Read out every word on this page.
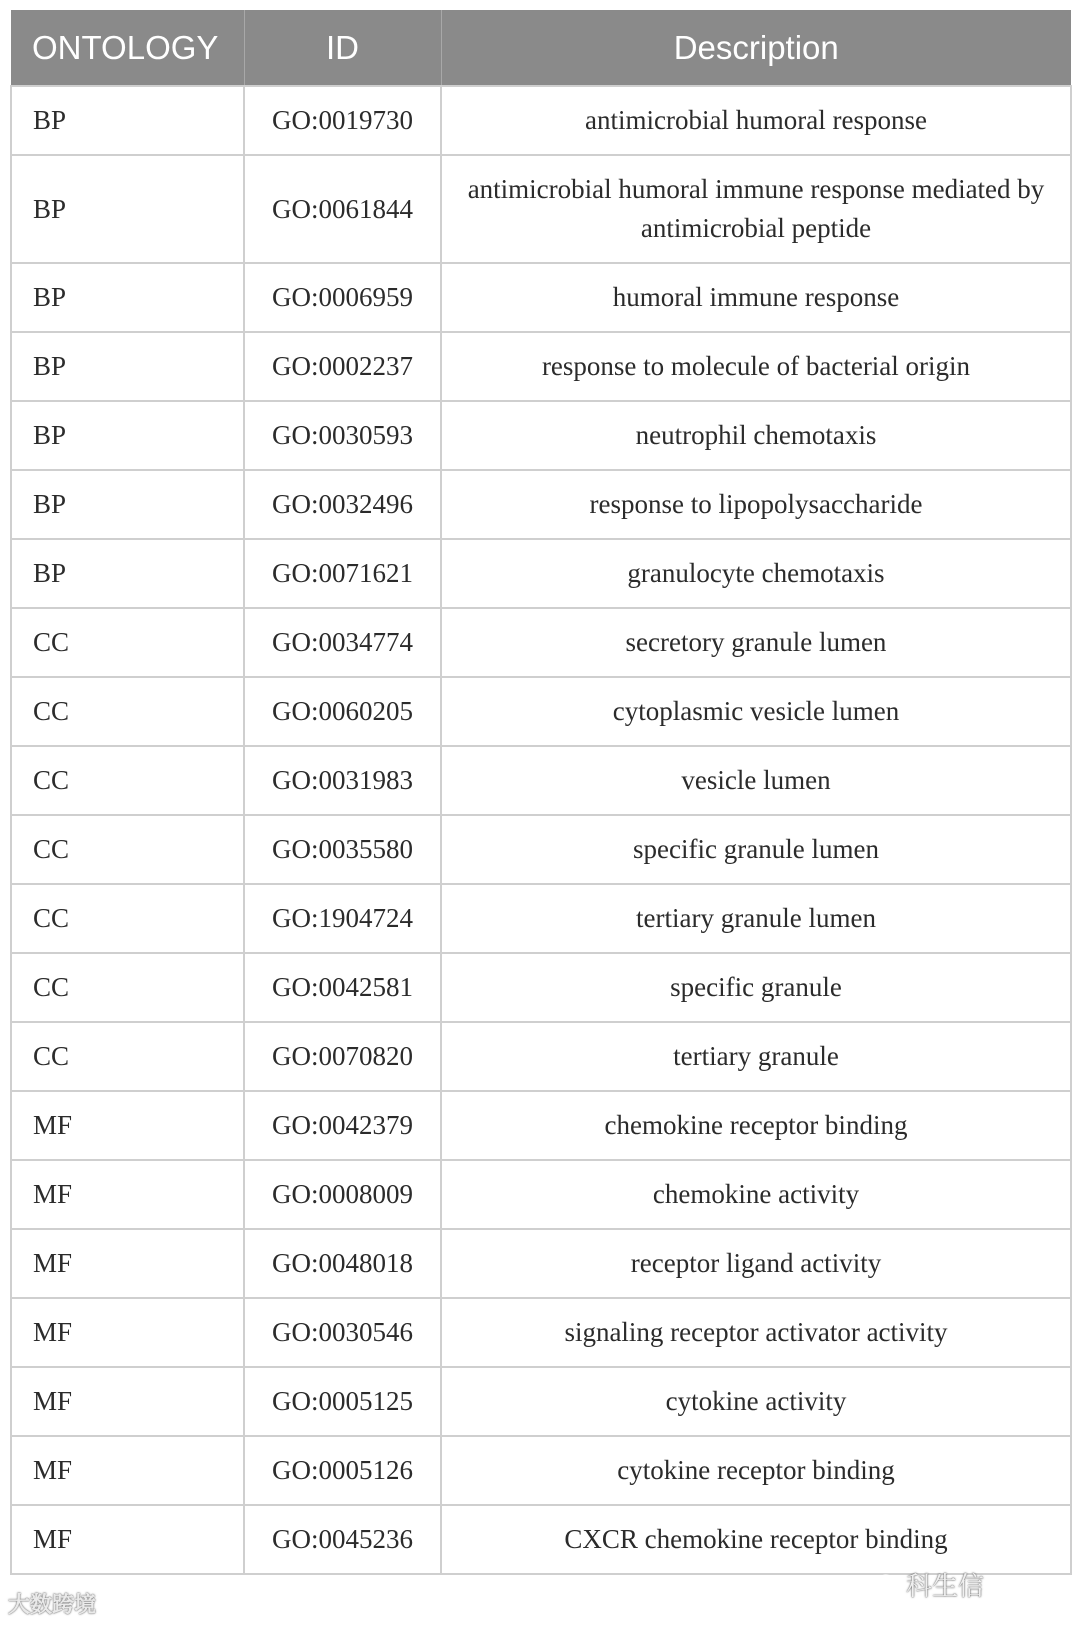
ONTOLOGY	ID	Description
BP	GO:0019730	antimicrobial humoral response
BP	GO:0061844	antimicrobial humoral immune response mediated by antimicrobial peptide
BP	GO:0006959	humoral immune response
BP	GO:0002237	response to molecule of bacterial origin
BP	GO:0030593	neutrophil chemotaxis
BP	GO:0032496	response to lipopolysaccharide
BP	GO:0071621	granulocyte chemotaxis
CC	GO:0034774	secretory granule lumen
CC	GO:0060205	cytoplasmic vesicle lumen
CC	GO:0031983	vesicle lumen
CC	GO:0035580	specific granule lumen
CC	GO:1904724	tertiary granule lumen
CC	GO:0042581	specific granule
CC	GO:0070820	tertiary granule
MF	GO:0042379	chemokine receptor binding
MF	GO:0008009	chemokine activity
MF	GO:0048018	receptor ligand activity
MF	GO:0030546	signaling receptor activator activity
MF	GO:0005125	cytokine activity
MF	GO:0005126	cytokine receptor binding
MF	GO:0045236	CXCR chemokine receptor binding
大数跨境
科生信
